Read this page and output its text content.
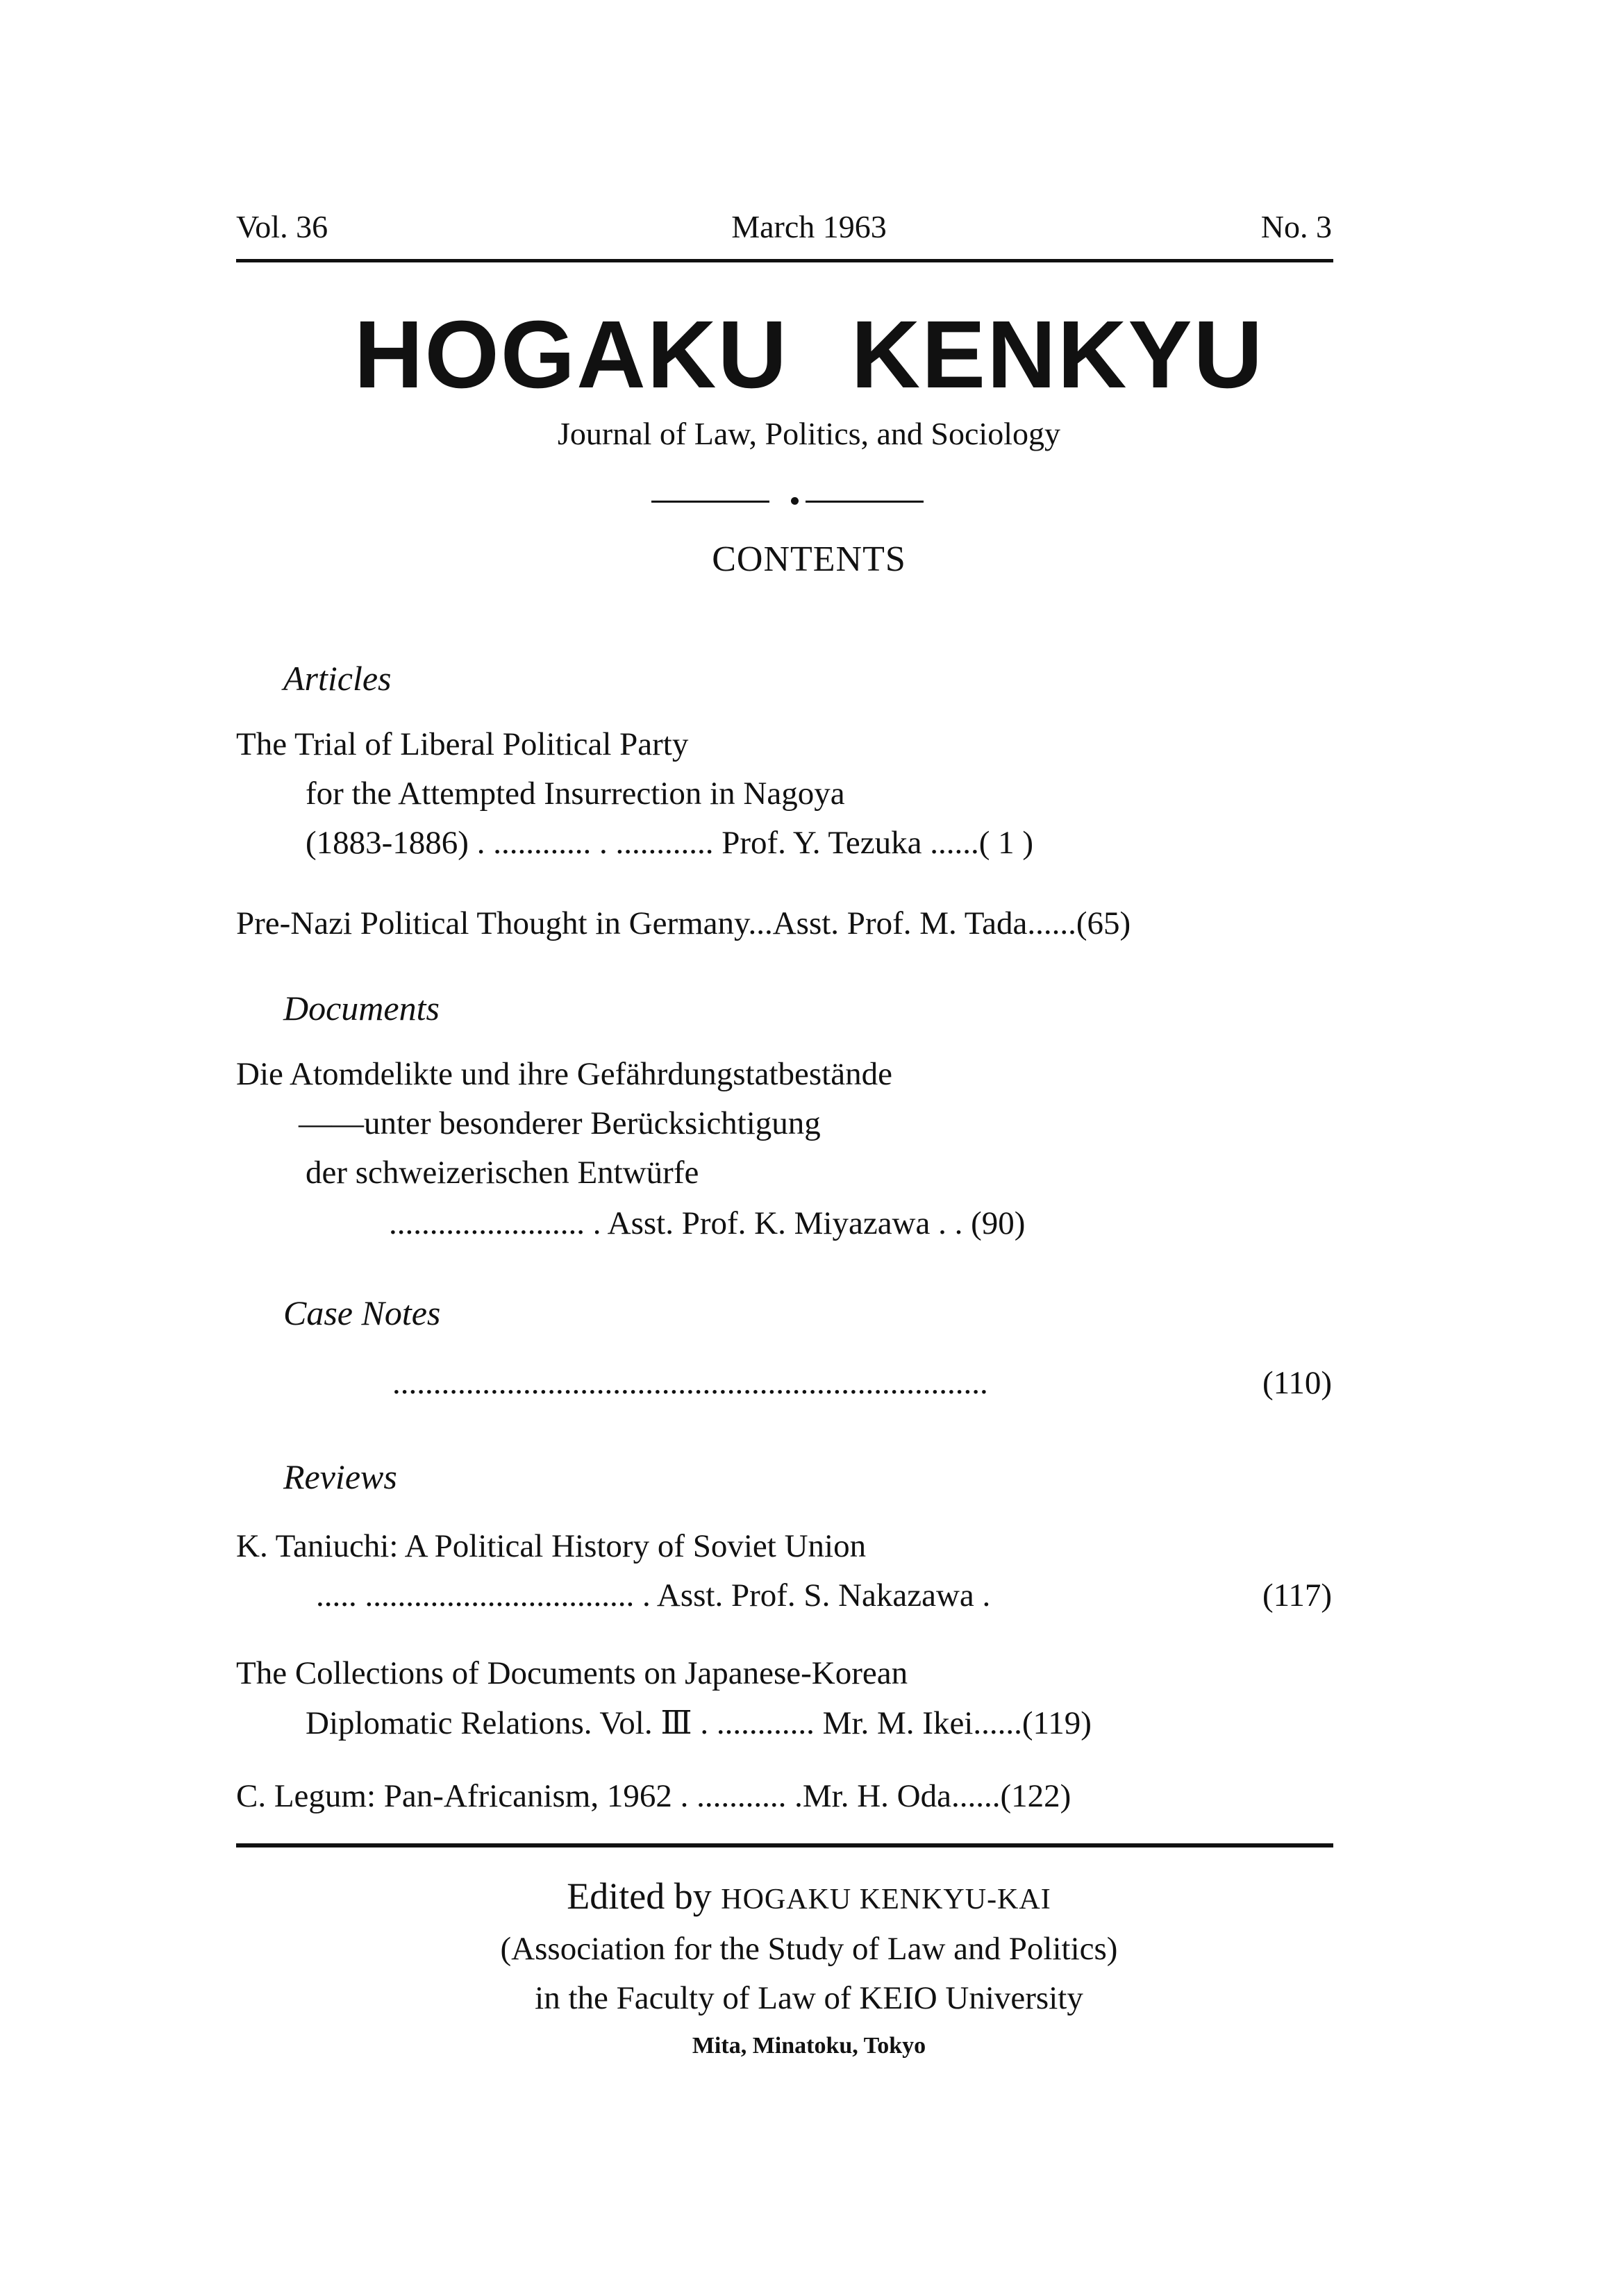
Vol. 36	March 1963	No. 3
HOGAKU KENKYU
Journal of Law, Politics, and Sociology
CONTENTS
Articles
The Trial of Liberal Political Party
for the Attempted Insurrection in Nagoya
(1883-1886) . ............ . ............ Prof. Y. Tezuka ......( 1 )
Pre-Nazi Political Thought in Germany...Asst. Prof. M. Tada......(65)
Documents
Die Atomdelikte und ihre Gefährdungstatbestände
——unter besonderer Berücksichtigung
der schweizerischen Entwürfe
........................ . Asst. Prof. K. Miyazawa . . (90)
Case Notes
.........................................................................	(110)
Reviews
K. Taniuchi: A Political History of Soviet Union
..... ................................. . Asst. Prof. S. Nakazawa .	(117)
The Collections of Documents on Japanese-Korean
Diplomatic Relations. Vol. Ⅲ . ............ Mr. M. Ikei......(119)
C. Legum: Pan-Africanism, 1962 . ........... .Mr. H. Oda......(122)
Edited by HOGAKU KENKYU-KAI
(Association for the Study of Law and Politics)
in the Faculty of Law of KEIO University
Mita, Minatoku, Tokyo
